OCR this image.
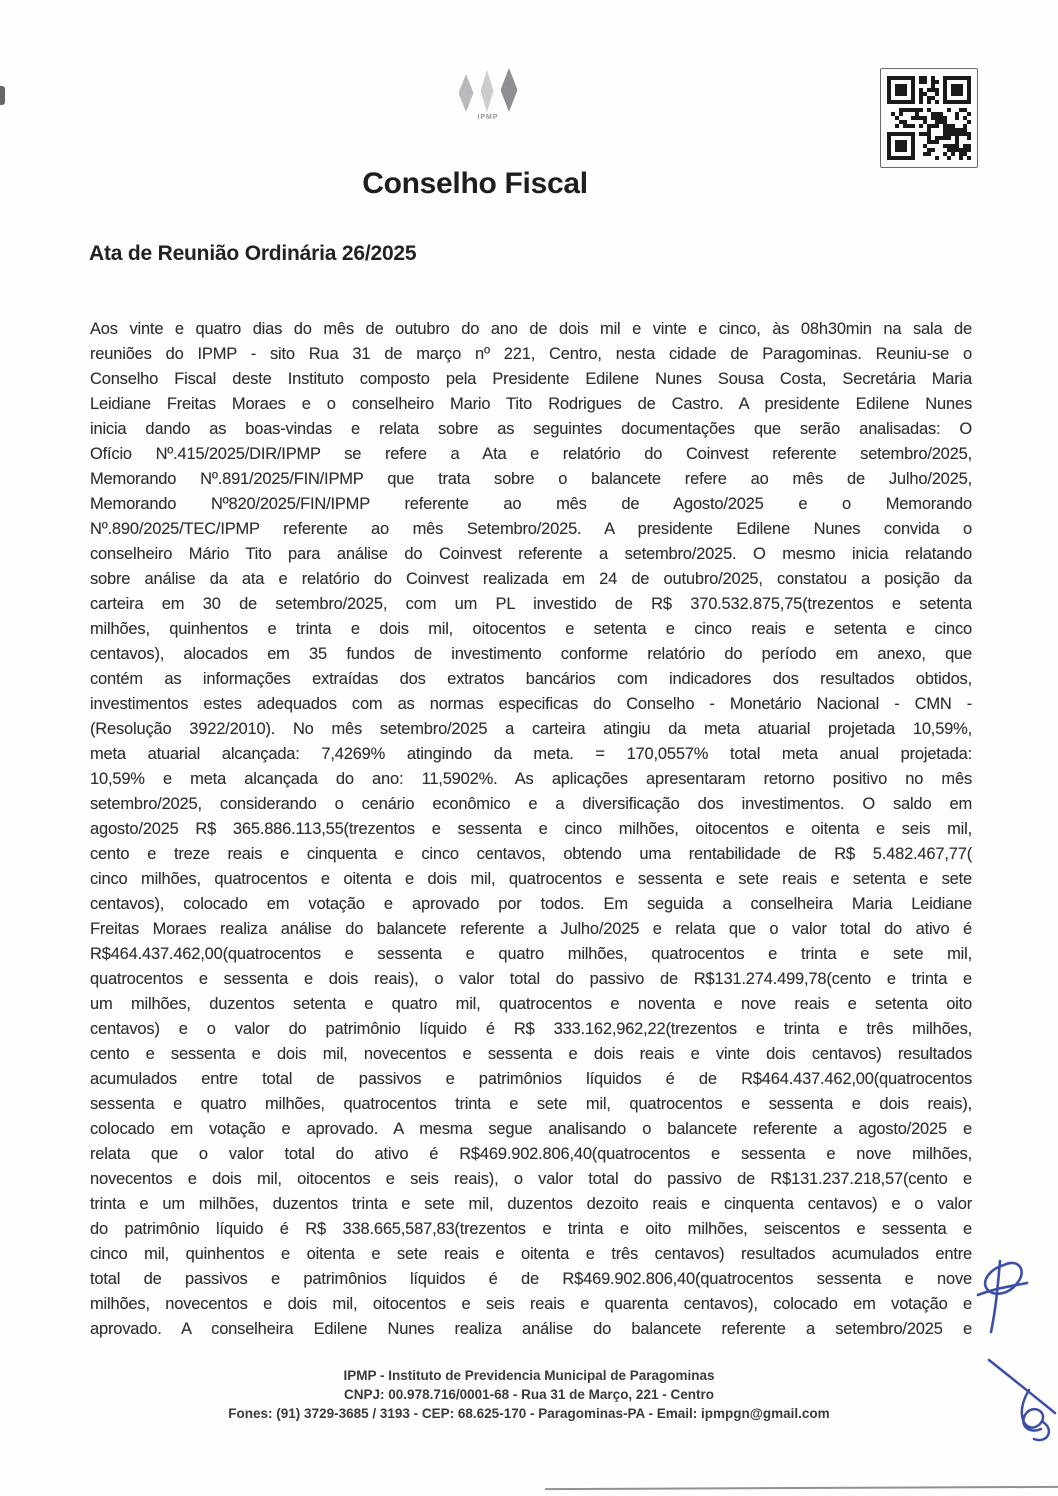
IPMP
Conselho Fiscal
Ata de Reunião Ordinária 26/2025
Aos vinte e quatro dias do mês de outubro do ano de dois mil e vinte e cinco, às 08h30min na sala de
reuniões do IPMP - sito Rua 31 de março nº 221, Centro, nesta cidade de Paragominas. Reuniu-se o
Conselho Fiscal deste Instituto composto pela Presidente Edilene Nunes Sousa Costa, Secretária Maria
Leidiane Freitas Moraes e o conselheiro Mario Tito Rodrigues de Castro. A presidente Edilene Nunes
inicia dando as boas-vindas e relata sobre as seguintes documentações que serão analisadas: O
Ofício Nº.415/2025/DIR/IPMP se refere a Ata e relatório do Coinvest referente setembro/2025,
Memorando Nº.891/2025/FIN/IPMP que trata sobre o balancete refere ao mês de Julho/2025,
Memorando Nº820/2025/FIN/IPMP referente ao mês de Agosto/2025 e o Memorando
Nº.890/2025/TEC/IPMP referente ao mês Setembro/2025. A presidente Edilene Nunes convida o
conselheiro Mário Tito para análise do Coinvest referente a setembro/2025. O mesmo inicia relatando
sobre análise da ata e relatório do Coinvest realizada em 24 de outubro/2025, constatou a posição da
carteira em 30 de setembro/2025, com um PL investido de R$ 370.532.875,75(trezentos e setenta
milhões, quinhentos e trinta e dois mil, oitocentos e setenta e cinco reais e setenta e cinco
centavos), alocados em 35 fundos de investimento conforme relatório do período em anexo, que
contém as informações extraídas dos extratos bancários com indicadores dos resultados obtidos,
investimentos estes adequados com as normas especificas do Conselho - Monetário Nacional - CMN -
(Resolução 3922/2010). No mês setembro/2025 a carteira atingiu da meta atuarial projetada 10,59%,
meta atuarial alcançada: 7,4269% atingindo da meta. = 170,0557% total meta anual projetada:
10,59% e meta alcançada do ano: 11,5902%. As aplicações apresentaram retorno positivo no mês
setembro/2025, considerando o cenário econômico e a diversificação dos investimentos. O saldo em
agosto/2025 R$ 365.886.113,55(trezentos e sessenta e cinco milhões, oitocentos e oitenta e seis mil,
cento e treze reais e cinquenta e cinco centavos, obtendo uma rentabilidade de R$ 5.482.467,77(
cinco milhões, quatrocentos e oitenta e dois mil, quatrocentos e sessenta e sete reais e setenta e sete
centavos), colocado em votação e aprovado por todos. Em seguida a conselheira Maria Leidiane
Freitas Moraes realiza análise do balancete referente a Julho/2025 e relata que o valor total do ativo é
R$464.437.462,00(quatrocentos e sessenta e quatro milhões, quatrocentos e trinta e sete mil,
quatrocentos e sessenta e dois reais), o valor total do passivo de R$131.274.499,78(cento e trinta e
um milhões, duzentos setenta e quatro mil, quatrocentos e noventa e nove reais e setenta oito
centavos) e o valor do patrimônio líquido é R$ 333.162,962,22(trezentos e trinta e três milhões,
cento e sessenta e dois mil, novecentos e sessenta e dois reais e vinte dois centavos) resultados
acumulados entre total de passivos e patrimônios líquidos é de R$464.437.462,00(quatrocentos
sessenta e quatro milhões, quatrocentos trinta e sete mil, quatrocentos e sessenta e dois reais),
colocado em votação e aprovado. A mesma segue analisando o balancete referente a agosto/2025 e
relata que o valor total do ativo é R$469.902.806,40(quatrocentos e sessenta e nove milhões,
novecentos e dois mil, oitocentos e seis reais), o valor total do passivo de R$131.237.218,57(cento e
trinta e um milhões, duzentos trinta e sete mil, duzentos dezoito reais e cinquenta centavos) e o valor
do patrimônio líquido é R$ 338.665,587,83(trezentos e trinta e oito milhões, seiscentos e sessenta e
cinco mil, quinhentos e oitenta e sete reais e oitenta e três centavos) resultados acumulados entre
total de passivos e patrimônios líquidos é de R$469.902.806,40(quatrocentos sessenta e nove
milhões, novecentos e dois mil, oitocentos e seis reais e quarenta centavos), colocado em votação e
aprovado. A conselheira Edilene Nunes realiza análise do balancete referente a setembro/2025 e
IPMP - Instituto de Previdencia Municipal de Paragominas
CNPJ: 00.978.716/0001-68 - Rua 31 de Março, 221 - Centro
Fones: (91) 3729-3685 / 3193 - CEP: 68.625-170 - Paragominas-PA - Email: ipmpgn@gmail.com
